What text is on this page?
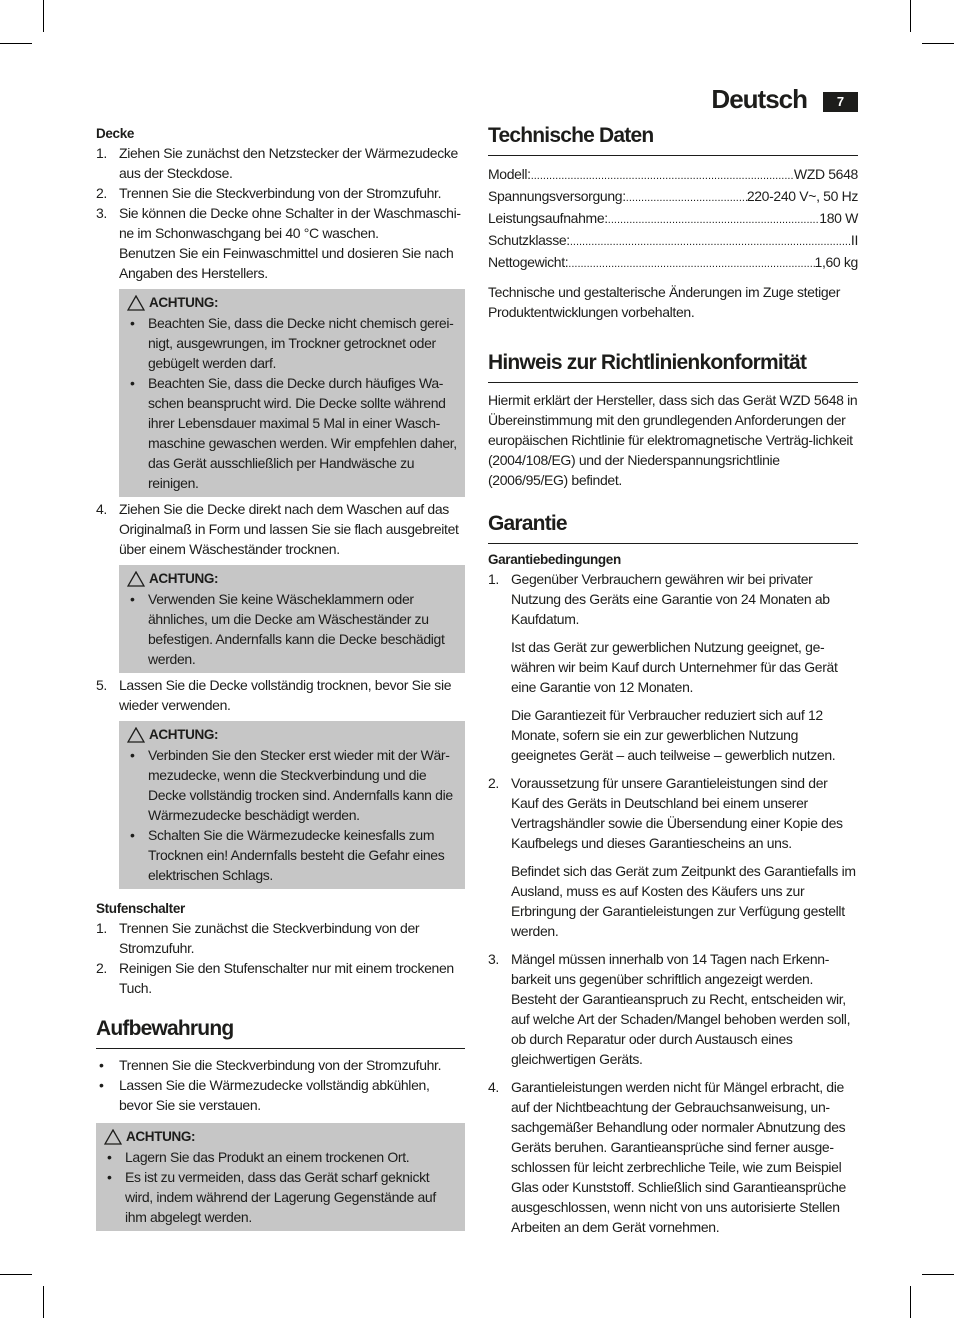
Deutsch	7

Decke

1. Ziehen Sie zunächst den Netzstecker der Wärmezudecke aus der Steckdose.
2. Trennen Sie die Steckverbindung von der Stromzufuhr.
3. Sie können die Decke ohne Schalter in der Waschmaschi-ne im Schonwaschgang bei 40 °C waschen.
Benutzen Sie ein Feinwaschmittel und dosieren Sie nach Angaben des Herstellers.
ACHTUNG:
• Beachten Sie, dass die Decke nicht chemisch gerei-nigt, ausgewrungen, im Trockner getrocknet oder gebügelt werden darf.
• Beachten Sie, dass die Decke durch häufiges Wa-schen beansprucht wird. Die Decke sollte während ihrer Lebensdauer maximal 5 Mal in einer Wasch-maschine gewaschen werden. Wir empfehlen daher, das Gerät ausschließlich per Handwäsche zu reinigen.
4. Ziehen Sie die Decke direkt nach dem Waschen auf das Originalmaß in Form und lassen Sie sie flach ausgebreitet über einem Wäscheständer trocknen.
ACHTUNG:
• Verwenden Sie keine Wäscheklammern oder ähnliches, um die Decke am Wäscheständer zu befestigen. Andernfalls kann die Decke beschädigt werden.
5. Lassen Sie die Decke vollständig trocknen, bevor Sie sie wieder verwenden.
ACHTUNG:
• Verbinden Sie den Stecker erst wieder mit der Wär-mezudecke, wenn die Steckverbindung und die Decke vollständig trocken sind. Andernfalls kann die Wärmezudecke beschädigt werden.
• Schalten Sie die Wärmezudecke keinesfalls zum Trocknen ein! Andernfalls besteht die Gefahr eines elektrischen Schlags.

Stufenschalter

1. Trennen Sie zunächst die Steckverbindung von der Stromzufuhr.
2. Reinigen Sie den Stufenschalter nur mit einem trockenen Tuch.
Aufbewahrung
• Trennen Sie die Steckverbindung von der Stromzufuhr.
• Lassen Sie die Wärmezudecke vollständig abkühlen, bevor Sie sie verstauen.
ACHTUNG:
• Lagern Sie das Produkt an einem trockenen Ort.
• Es ist zu vermeiden, dass das Gerät scharf geknickt wird, indem während der Lagerung Gegenstände auf ihm abgelegt werden.
Technische Daten
Modell: .....	WZD 5648
Spannungsversorgung: .....	220-240 V~, 50 Hz
Leistungsaufnahme: .....	180 W
Schutzklasse: .....	II
Nettogewicht: .....	1,60 kg
Technische und gestalterische Änderungen im Zuge stetiger Produktentwicklungen vorbehalten.
Hinweis zur Richtlinienkonformität
Hiermit erklärt der Hersteller, dass sich das Gerät WZD 5648 in Übereinstimmung mit den grundlegenden Anforderungen der europäischen Richtlinie für elektromagnetische Verträg-lichkeit (2004/108/EG) und der Niederspannungsrichtlinie (2006/95/EG) befindet.
Garantie

Garantiebedingungen

1. Gegenüber Verbrauchern gewähren wir bei privater Nutzung des Geräts eine Garantie von 24 Monaten ab Kaufdatum.
Ist das Gerät zur gewerblichen Nutzung geeignet, ge-währen wir beim Kauf durch Unternehmer für das Gerät eine Garantie von 12 Monaten.
Die Garantiezeit für Verbraucher reduziert sich auf 12 Monate, sofern sie ein zur gewerblichen Nutzung geeignetes Gerät – auch teilweise – gewerblich nutzen.
2. Voraussetzung für unsere Garantieleistungen sind der Kauf des Geräts in Deutschland bei einem unserer Vertragshändler sowie die Übersendung einer Kopie des Kaufbelegs und dieses Garantiescheins an uns.
Befindet sich das Gerät zum Zeitpunkt des Garantiefalls im Ausland, muss es auf Kosten des Käufers uns zur Erbringung der Garantieleistungen zur Verfügung gestellt werden.
3. Mängel müssen innerhalb von 14 Tagen nach Erkenn-barkeit uns gegenüber schriftlich angezeigt werden. Besteht der Garantieanspruch zu Recht, entscheiden wir, auf welche Art der Schaden/Mangel behoben werden soll, ob durch Reparatur oder durch Austausch eines gleichwertigen Geräts.
4. Garantieleistungen werden nicht für Mängel erbracht, die auf der Nichtbeachtung der Gebrauchsanweisung, un-sachgemäßer Behandlung oder normaler Abnutzung des Geräts beruhen. Garantieansprüche sind ferner ausge-schlossen für leicht zerbrechliche Teile, wie zum Beispiel Glas oder Kunststoff. Schließlich sind Garantieansprüche ausgeschlossen, wenn nicht von uns autorisierte Stellen Arbeiten an dem Gerät vornehmen.
